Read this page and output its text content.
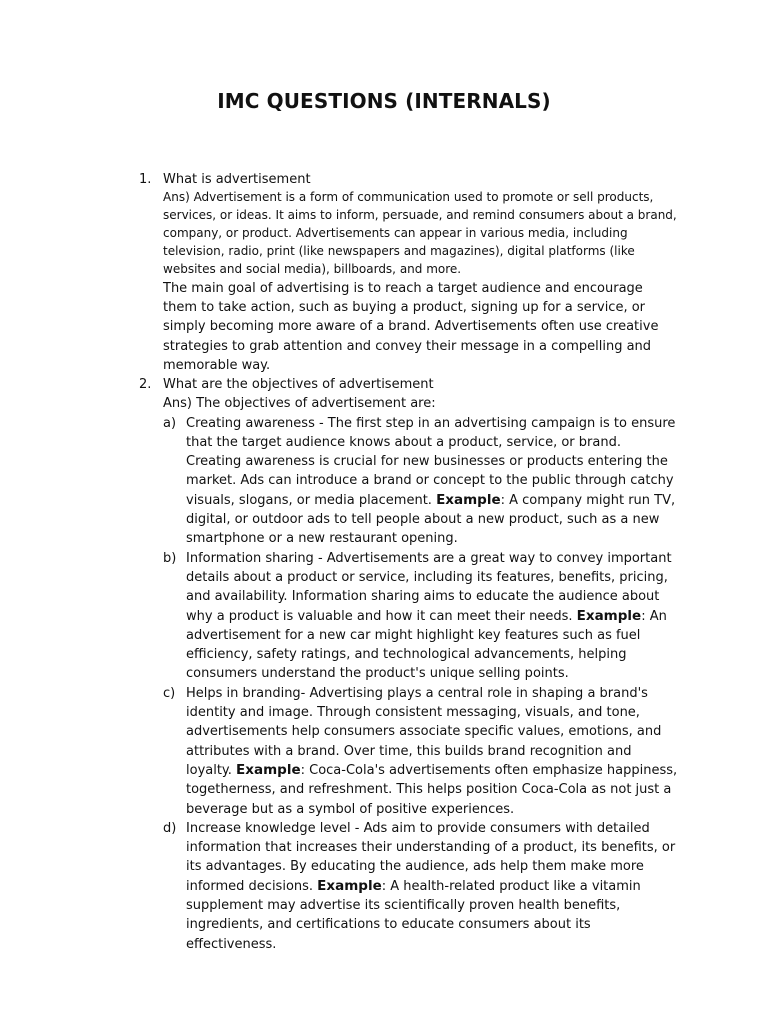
IMC QUESTIONS (INTERNALS)
1. What is advertisement
Ans) Advertisement is a form of communication used to promote or sell products, services, or ideas. It aims to inform, persuade, and remind consumers about a brand, company, or product. Advertisements can appear in various media, including television, radio, print (like newspapers and magazines), digital platforms (like websites and social media), billboards, and more.
The main goal of advertising is to reach a target audience and encourage them to take action, such as buying a product, signing up for a service, or simply becoming more aware of a brand. Advertisements often use creative strategies to grab attention and convey their message in a compelling and memorable way.
2. What are the objectives of advertisement
Ans) The objectives of advertisement are:
a) Creating awareness - The first step in an advertising campaign is to ensure that the target audience knows about a product, service, or brand. Creating awareness is crucial for new businesses or products entering the market. Ads can introduce a brand or concept to the public through catchy visuals, slogans, or media placement. Example: A company might run TV, digital, or outdoor ads to tell people about a new product, such as a new smartphone or a new restaurant opening.
b) Information sharing - Advertisements are a great way to convey important details about a product or service, including its features, benefits, pricing, and availability. Information sharing aims to educate the audience about why a product is valuable and how it can meet their needs. Example: An advertisement for a new car might highlight key features such as fuel efficiency, safety ratings, and technological advancements, helping consumers understand the product's unique selling points.
c) Helps in branding- Advertising plays a central role in shaping a brand's identity and image. Through consistent messaging, visuals, and tone, advertisements help consumers associate specific values, emotions, and attributes with a brand. Over time, this builds brand recognition and loyalty. Example: Coca-Cola's advertisements often emphasize happiness, togetherness, and refreshment. This helps position Coca-Cola as not just a beverage but as a symbol of positive experiences.
d) Increase knowledge level - Ads aim to provide consumers with detailed information that increases their understanding of a product, its benefits, or its advantages. By educating the audience, ads help them make more informed decisions. Example: A health-related product like a vitamin supplement may advertise its scientifically proven health benefits, ingredients, and certifications to educate consumers about its effectiveness.
